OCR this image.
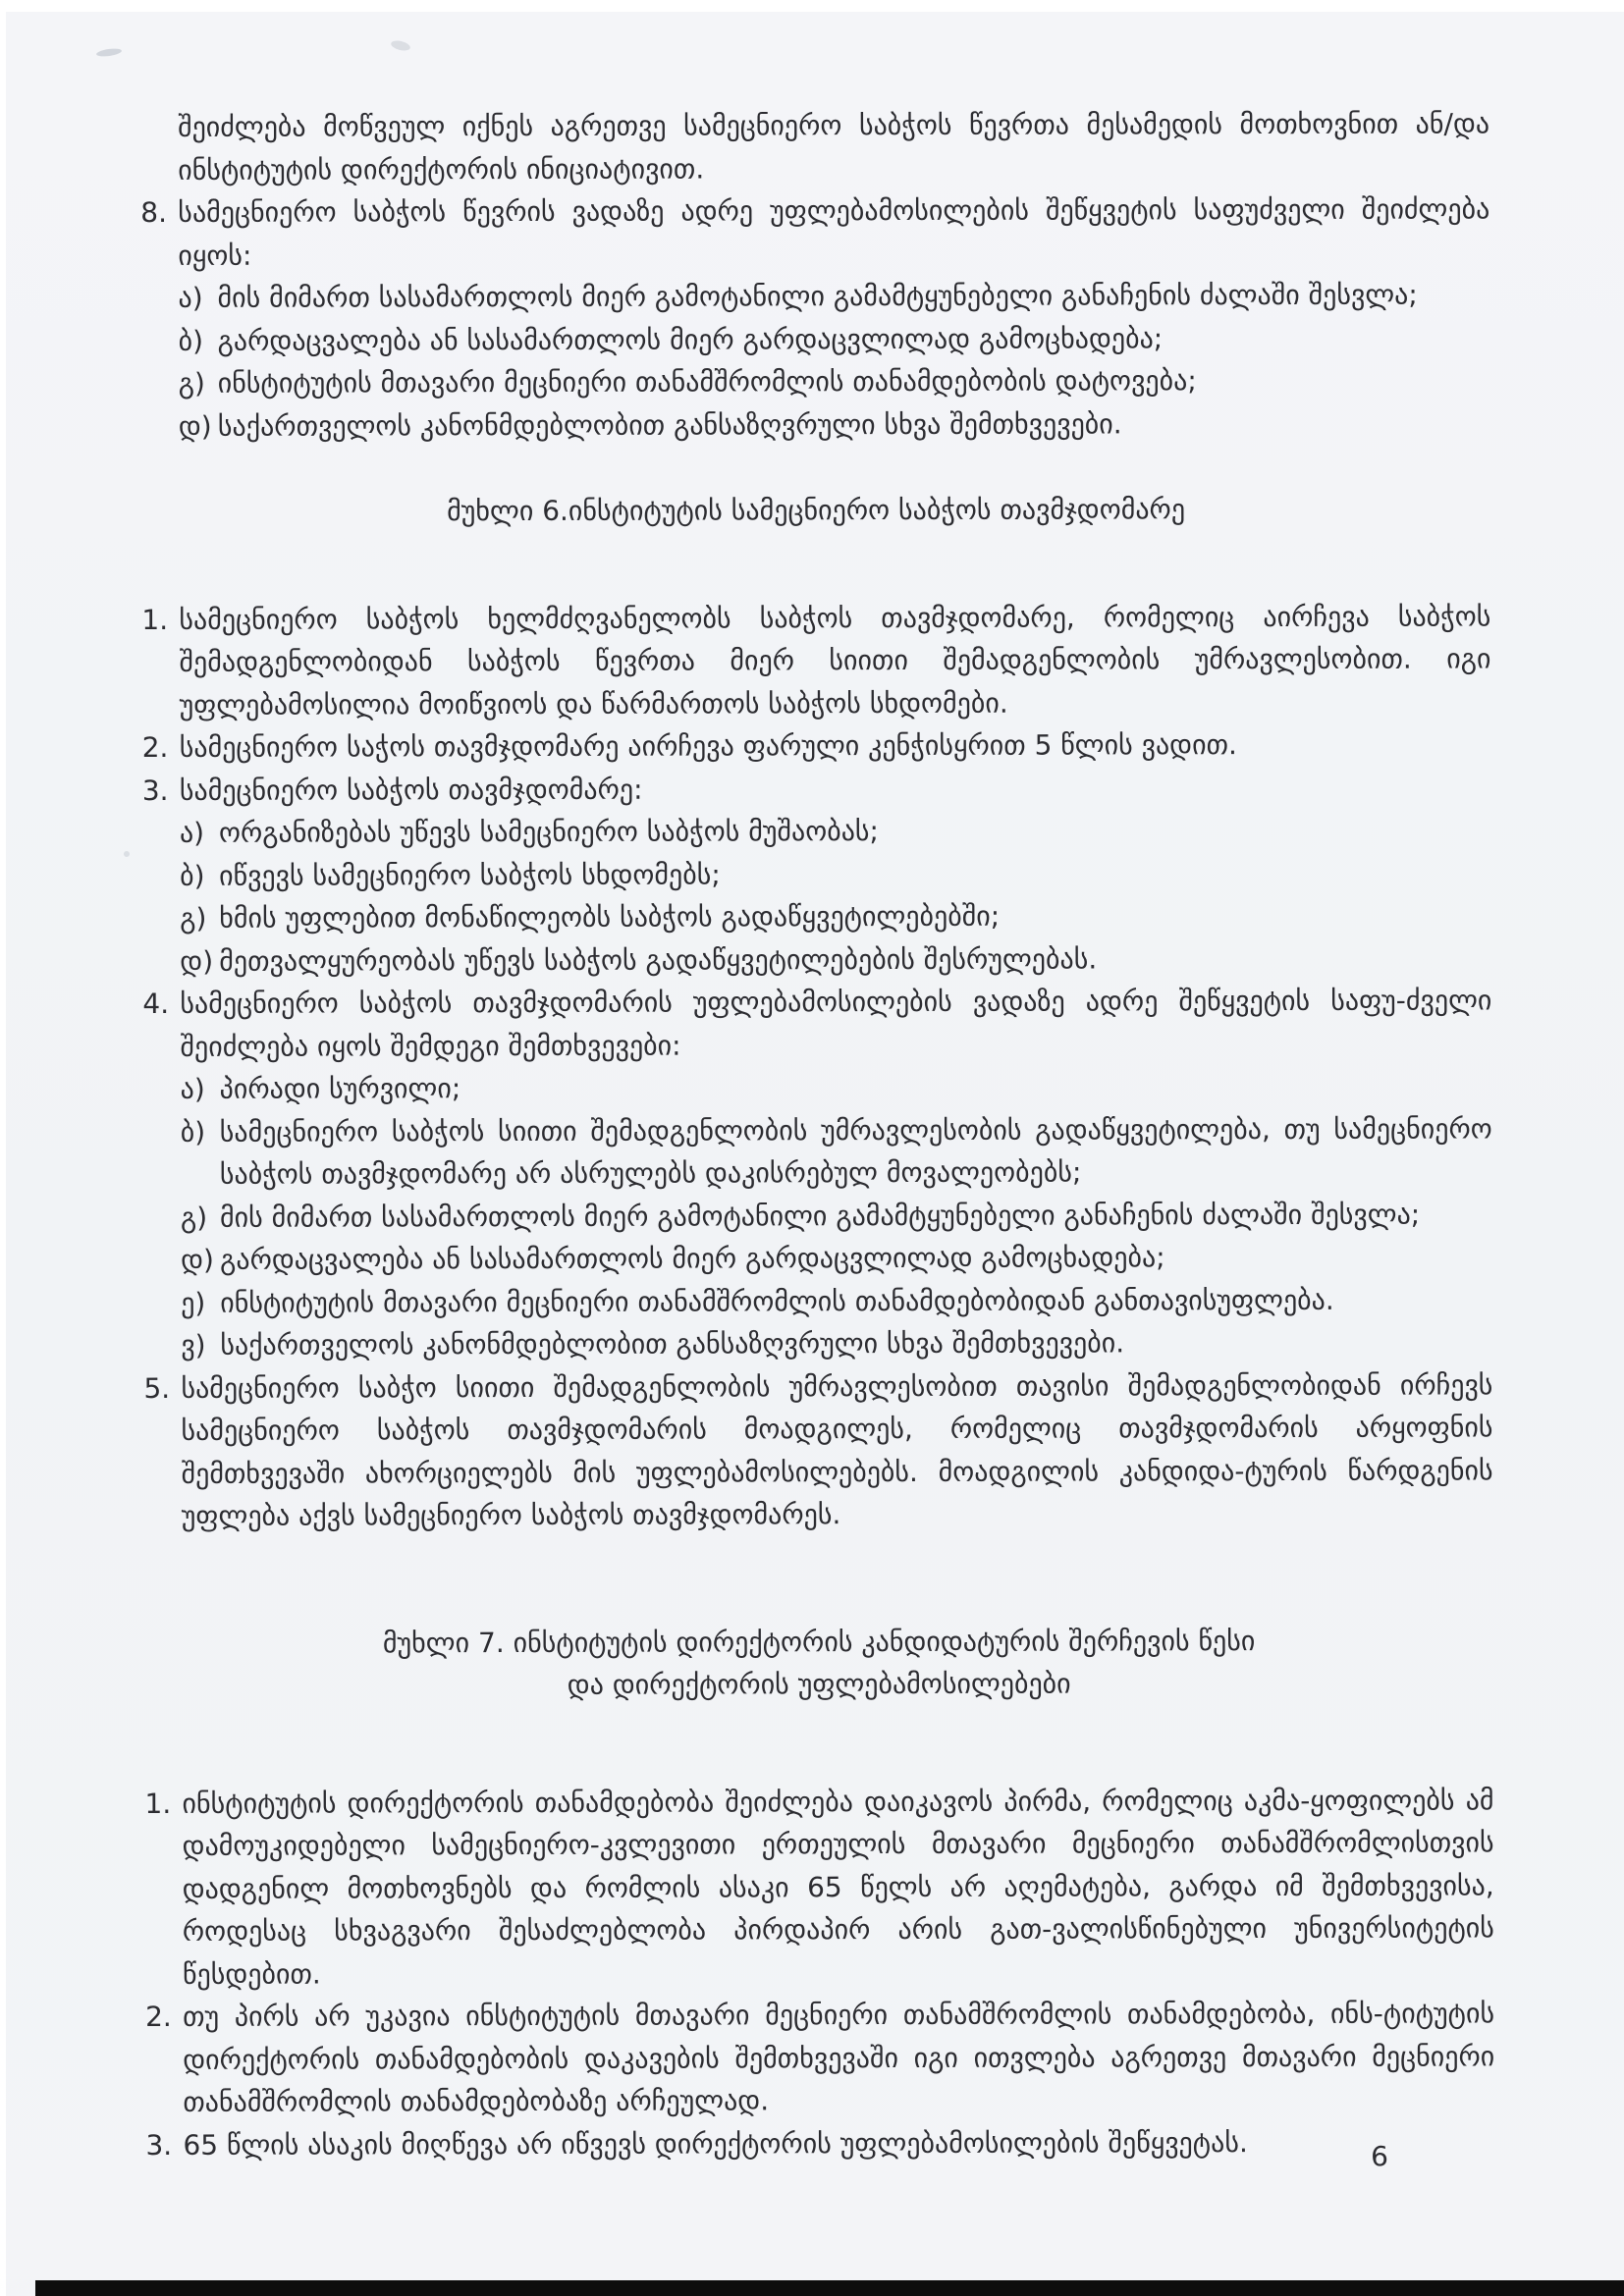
შეიძლება მოწვეულ იქნეს აგრეთვე სამეცნიერო საბჭოს წევრთა მესამედის მოთხოვნით ან/და ინსტიტუტის დირექტორის ინიციატივით.

8. სამეცნიერო საბჭოს წევრის ვადაზე ადრე უფლებამოსილების შეწყვეტის საფუძველი შეიძლება იყოს:
ა) მის მიმართ სასამართლოს მიერ გამოტანილი გამამტყუნებელი განაჩენის ძალაში შესვლა;
ბ) გარდაცვალება ან სასამართლოს მიერ გარდაცვლილად გამოცხადება;
გ) ინსტიტუტის მთავარი მეცნიერი თანამშრომლის თანამდებობის დატოვება;
დ) საქართველოს კანონმდებლობით განსაზღვრული სხვა შემთხვევები.
მუხლი 6.ინსტიტუტის სამეცნიერო საბჭოს თავმჯდომარე
1. სამეცნიერო საბჭოს ხელმძღვანელობს საბჭოს თავმჯდომარე, რომელიც აირჩევა საბჭოს შემადგენლობიდან საბჭოს წევრთა მიერ სიითი შემადგენლობის უმრავლესობით. იგი უფლებამოსილია მოიწვიოს და წარმართოს საბჭოს სხდომები.
2. სამეცნიერო საჭოს თავმჯდომარე აირჩევა ფარული კენჭისყრით 5 წლის ვადით.
3. სამეცნიერო საბჭოს თავმჯდომარე:
ა) ორგანიზებას უწევს სამეცნიერო საბჭოს მუშაობას;
ბ) იწვევს სამეცნიერო საბჭოს სხდომებს;
გ) ხმის უფლებით მონაწილეობს საბჭოს გადაწყვეტილებებში;
დ) მეთვალყურეობას უწევს საბჭოს გადაწყვეტილებების შესრულებას.
4. სამეცნიერო საბჭოს თავმჯდომარის უფლებამოსილების ვადაზე ადრე შეწყვეტის საფუ-ძველი შეიძლება იყოს შემდეგი შემთხვევები:
ა) პირადი სურვილი;
ბ) სამეცნიერო საბჭოს სიითი შემადგენლობის უმრავლესობის გადაწყვეტილება, თუ სამეცნიერო საბჭოს თავმჯდომარე არ ასრულებს დაკისრებულ მოვალეობებს;
გ) მის მიმართ სასამართლოს მიერ გამოტანილი გამამტყუნებელი განაჩენის ძალაში შესვლა;
დ) გარდაცვალება ან სასამართლოს მიერ გარდაცვლილად გამოცხადება;
ე) ინსტიტუტის მთავარი მეცნიერი თანამშრომლის თანამდებობიდან განთავისუფლება.
ვ) საქართველოს კანონმდებლობით განსაზღვრული სხვა შემთხვევები.
5. სამეცნიერო საბჭო სიითი შემადგენლობის უმრავლესობით თავისი შემადგენლობიდან ირჩევს სამეცნიერო საბჭოს თავმჯდომარის მოადგილეს, რომელიც თავმჯდომარის არყოფნის შემთხვევაში ახორციელებს მის უფლებამოსილებებს. მოადგილის კანდიდა-ტურის წარდგენის უფლება აქვს სამეცნიერო საბჭოს თავმჯდომარეს.
მუხლი 7. ინსტიტუტის დირექტორის კანდიდატურის შერჩევის წესი
და დირექტორის უფლებამოსილებები
1. ინსტიტუტის დირექტორის თანამდებობა შეიძლება დაიკავოს პირმა, რომელიც აკმა-ყოფილებს ამ დამოუკიდებელი სამეცნიერო-კვლევითი ერთეულის მთავარი მეცნიერი თანამშრომლისთვის დადგენილ მოთხოვნებს და რომლის ასაკი 65 წელს არ აღემატება, გარდა იმ შემთხვევისა, როდესაც სხვაგვარი შესაძლებლობა პირდაპირ არის გათ-ვალისწინებული უნივერსიტეტის წესდებით.
2. თუ პირს არ უკავია ინსტიტუტის მთავარი მეცნიერი თანამშრომლის თანამდებობა, ინს-ტიტუტის დირექტორის თანამდებობის დაკავების შემთხვევაში იგი ითვლება აგრეთვე მთავარი მეცნიერი თანამშრომლის თანამდებობაზე არჩეულად.
3. 65 წლის ასაკის მიღწევა არ იწვევს დირექტორის უფლებამოსილების შეწყვეტას.	6
